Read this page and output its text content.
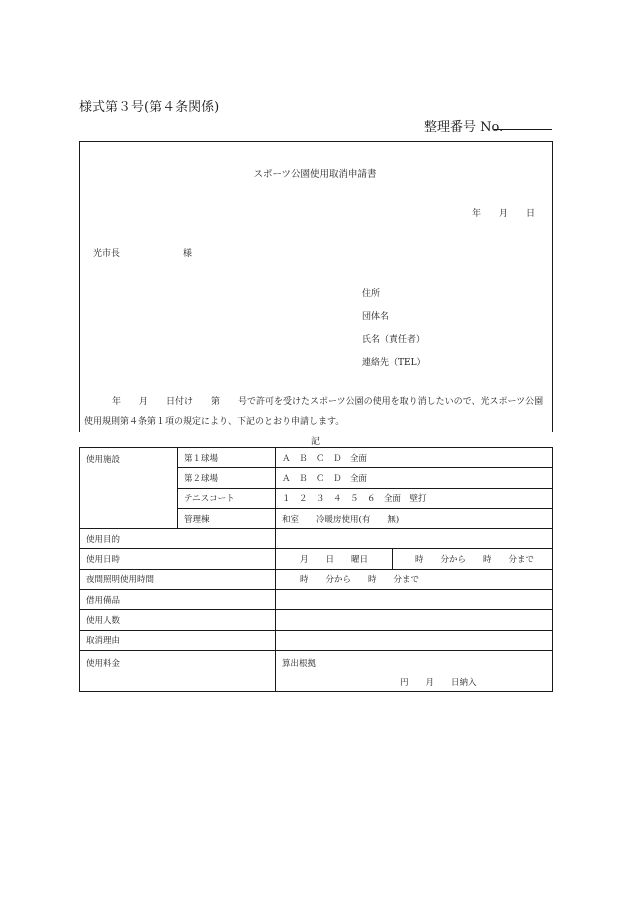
様式第３号(第４条関係)
整理番号 No.
スポーツ公園使用取消申請書
年　　月　　日
光市長	様
住所
団体名
氏名（責任者）
連絡先（TEL）
年　　月　　日付け　　第　　号で許可を受けたスポーツ公園の使用を取り消したいので、光スポーツ公園
使用規則第４条第１項の規定により、下記のとおり申請します。
記
使用施設	第１球場	Ａ　Ｂ　Ｃ　Ｄ　全面	
	第２球場	Ａ　Ｂ　Ｃ　Ｄ　全面	
	テニスコート	１　２　３　４　５　６　全面　壁打	
	管理棟	和室　　冷暖房使用(有　　無)	
使用目的			
使用日時		月　　日　　曜日	時　　分から　　時　　分まで
夜間照明使用時間		時　　分から　　時　　分まで	
借用備品			
使用人数			
取消理由			
使用料金		算出根拠
円　　月　　日納入	
